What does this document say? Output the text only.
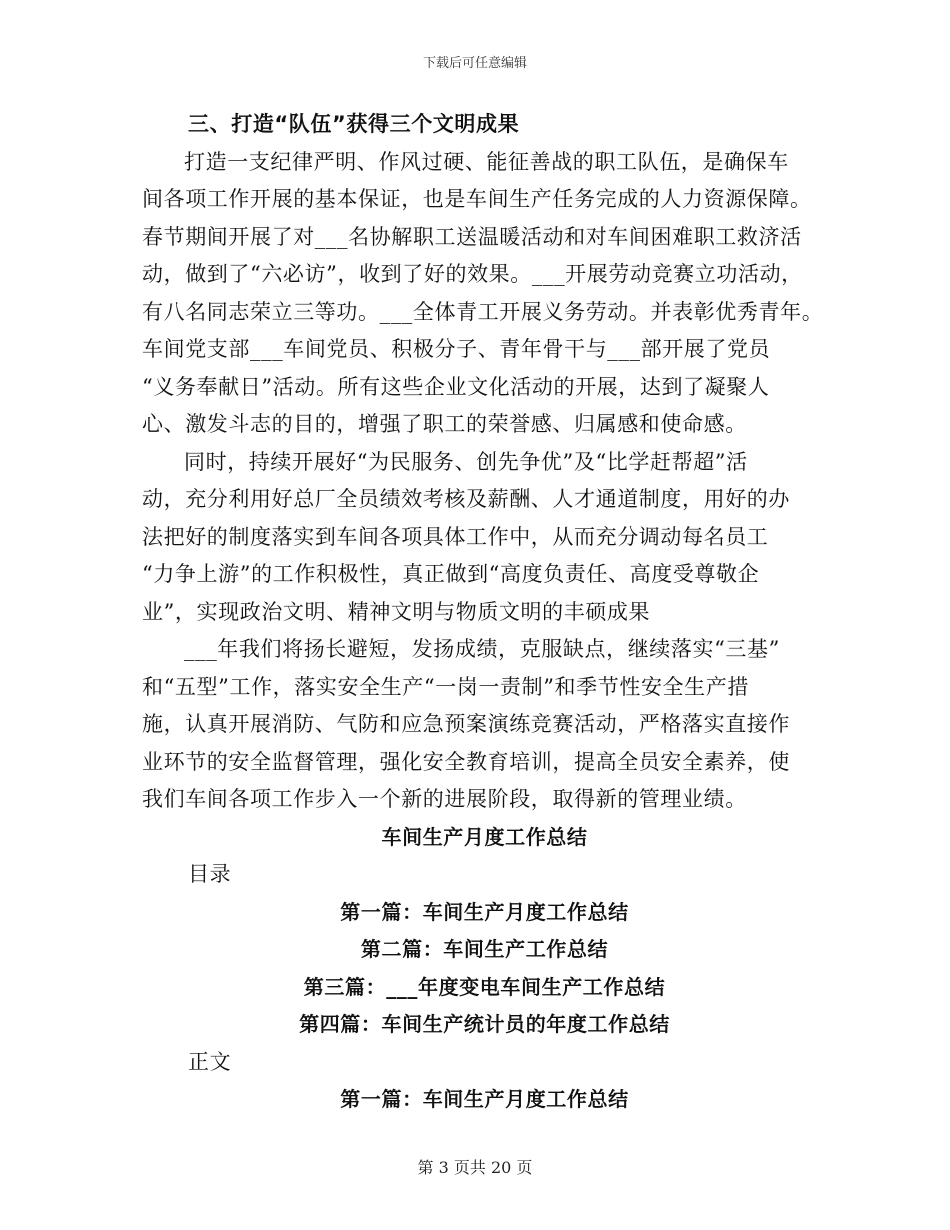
下载后可任意编辑
三、打造“队伍”获得三个文明成果
打造一支纪律严明、作风过硬、能征善战的职工队伍，是确保车
间各项工作开展的基本保证，也是车间生产任务完成的人力资源保障。
春节期间开展了对___名协解职工送温暖活动和对车间困难职工救济活
动，做到了“六必访”，收到了好的效果。___开展劳动竞赛立功活动，
有八名同志荣立三等功。___全体青工开展义务劳动。并表彰优秀青年。
车间党支部___车间党员、积极分子、青年骨干与___部开展了党员
“义务奉献日”活动。所有这些企业文化活动的开展，达到了凝聚人
心、激发斗志的目的，增强了职工的荣誉感、归属感和使命感。
同时，持续开展好“为民服务、创先争优”及“比学赶帮超”活
动，充分利用好总厂全员绩效考核及薪酬、人才通道制度，用好的办
法把好的制度落实到车间各项具体工作中，从而充分调动每名员工
“力争上游”的工作积极性，真正做到“高度负责任、高度受尊敬企
业”，实现政治文明、精神文明与物质文明的丰硕成果
___年我们将扬长避短，发扬成绩，克服缺点，继续落实“三基”
和“五型”工作，落实安全生产“一岗一责制”和季节性安全生产措
施，认真开展消防、气防和应急预案演练竞赛活动，严格落实直接作
业环节的安全监督管理，强化安全教育培训，提高全员安全素养，使
我们车间各项工作步入一个新的进展阶段，取得新的管理业绩。
车间生产月度工作总结
目录
第一篇：车间生产月度工作总结
第二篇：车间生产工作总结
第三篇：___年度变电车间生产工作总结
第四篇：车间生产统计员的年度工作总结
正文
第一篇：车间生产月度工作总结
第 3 页共 20 页
